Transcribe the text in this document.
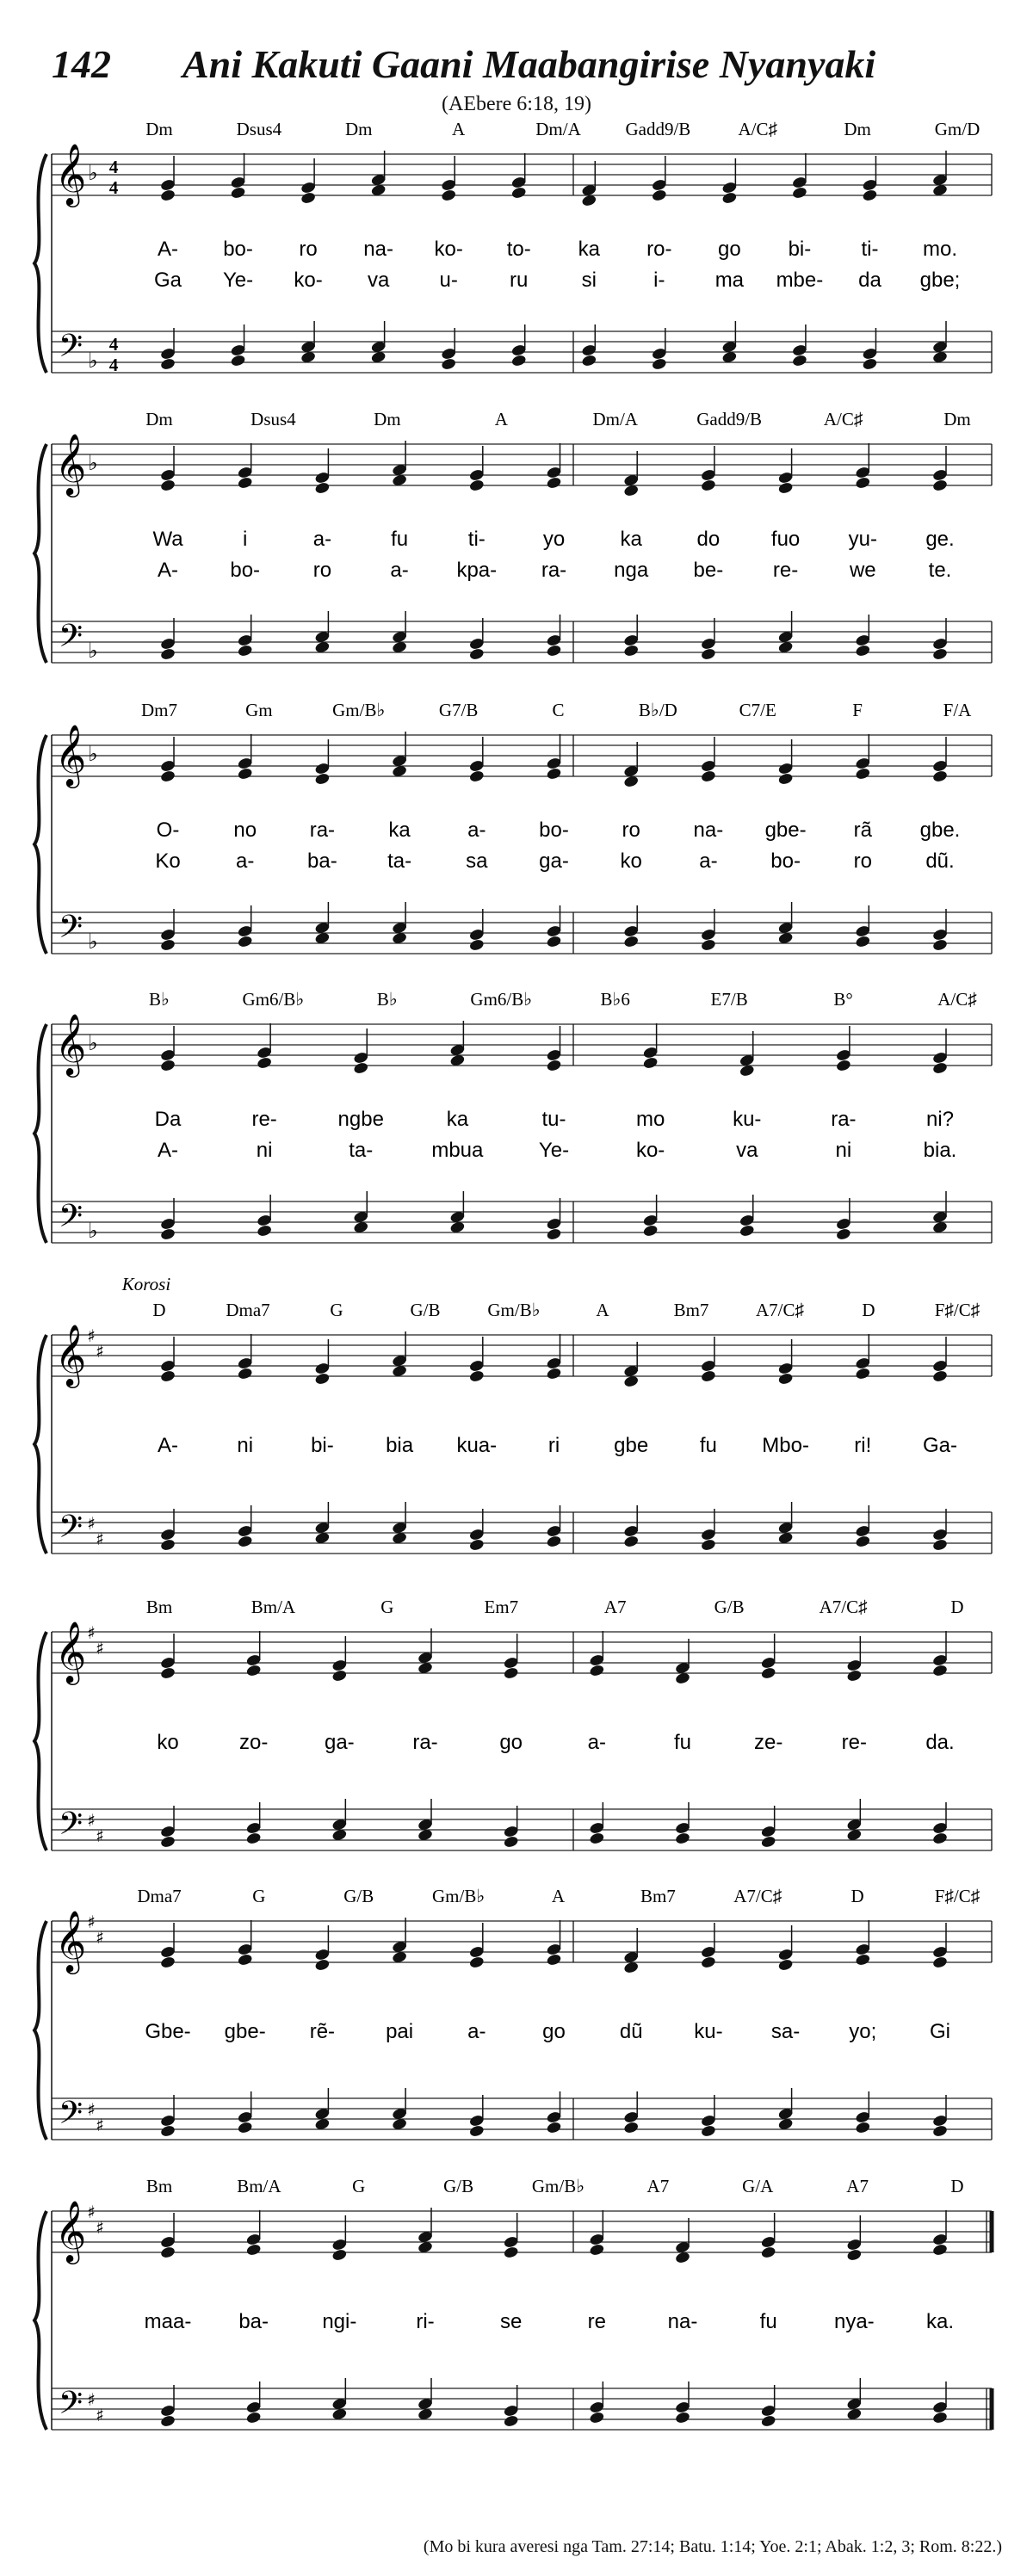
142 Ani Kakuti Gaani Maabangirise Nyanyaki
(AEbere 6:18, 19)
Dm	Dsus4	Dm	A	Dm/A Gadd9/B	A/C♯	Dm	Gm/D
𝄞
𝄢
♭
♭
4
4
4
4
A- bo- ro na- ko- to- ka ro- go bi- ti- mo.
Ga Ye- ko- va u-	ru	si	i- ma mbe- da gbe;
Dm	Dsus4	Dm	A	Dm/A	Gadd9/B	A/C♯	Dm
𝄞
𝄢
♭
♭
Wa	i	a-	fu	ti-	yo	ka	do fuo yu- ge.
A-	bo-	ro	a- kpa- ra- nga be- re- we	te.
Dm7	Gm	Gm/B♭	G7/B	C	B♭/D	C7/E	F	F/A
𝄞
𝄢
♭
♭
O-	no	ra-	ka	a-	bo-	ro	na- gbe- rã gbe.
Ko	a-	ba- ta-	sa ga- ko	a-	bo-	ro	dũ.
B♭	Gm6/B♭	B♭	Gm6/B♭	B♭6	E7/B	B°	A/C♯
𝄞
𝄢
♭
♭
Da	re-	ngbe	ka	tu-	mo	ku-	ra-	ni?
A-	ni	ta-	mbua	Ye-	ko-	va	ni	bia.
Korosi
D	Dma7	G	G/B	Gm/B♭	A	Bm7	A7/C♯	D	F♯/C♯
𝄞
𝄢
♯
♯
♯
♯
A-	ni	bi-	bia kua- ri	gbe fu Mbo- ri! Ga-
Bm	Bm/A	G	Em7	A7	G/B	A7/C♯	D
𝄞
𝄢
♯
♯
♯
♯
ko	zo-	ga-	ra-	go	a-	fu	ze-	re-	da.
Dma7	G	G/B	Gm/B♭	A	Bm7	A7/C♯	D	F♯/C♯
𝄞
𝄢
♯
♯
♯
♯
Gbe- gbe- rẽ- pai	a-	go	dũ ku- sa- yo;	Gi
Bm	Bm/A	G	G/B	Gm/B♭	A7	G/A	A7	D
𝄞
𝄢
♯
♯
♯
♯
maa- ba-	ngi-	ri-	se	re	na-	fu	nya-	ka.
(Mo bi kura averesi nga Tam. 27:14; Batu. 1:14; Yoe. 2:1; Abak. 1:2, 3; Rom. 8:22.)
